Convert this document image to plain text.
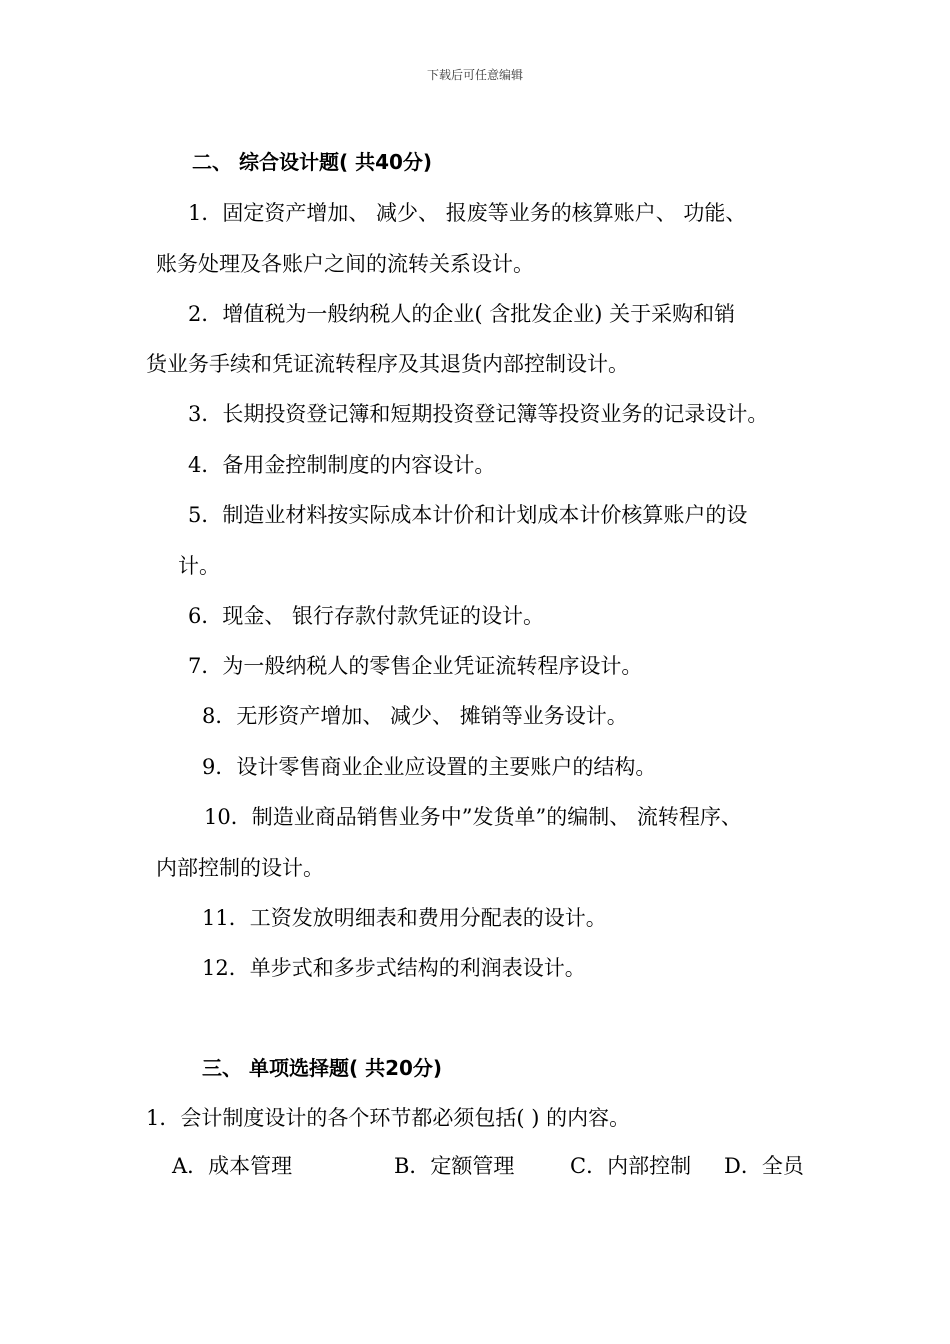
下载后可任意编辑
二、 综合设计题( 共40分)
1．固定资产增加、 减少、 报废等业务的核算账户、 功能、
账务处理及各账户之间的流转关系设计。
2．增值税为一般纳税人的企业( 含批发企业) 关于采购和销
货业务手续和凭证流转程序及其退货内部控制设计。
3．长期投资登记簿和短期投资登记簿等投资业务的记录设计。
4．备用金控制制度的内容设计。
5．制造业材料按实际成本计价和计划成本计价核算账户的设
计。
6．现金、 银行存款付款凭证的设计。
7．为一般纳税人的零售企业凭证流转程序设计。
8．无形资产增加、 减少、 摊销等业务设计。
9．设计零售商业企业应设置的主要账户的结构。
10．制造业商品销售业务中”发货单”的编制、 流转程序、
内部控制的设计。
11．工资发放明细表和费用分配表的设计。
12．单步式和多步式结构的利润表设计。
三、 单项选择题( 共20分)
1．会计制度设计的各个环节都必须包括( ) 的内容。
A．成本管理	B．定额管理	C．内部控制 D．全员
